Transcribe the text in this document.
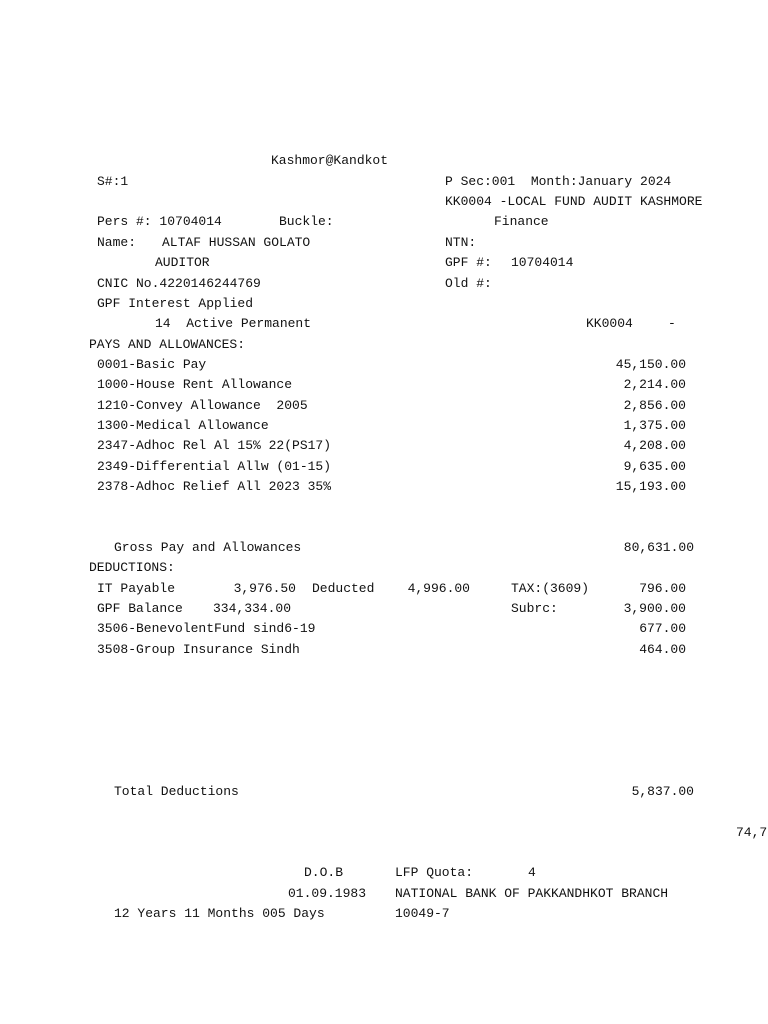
Kashmor@Kandkot
S#:1	P Sec:001  Month:January 2024
KK0004 -LOCAL FUND AUDIT KASHMORE
Finance
Pers #: 10704014	Buckle:
Name: ALTAF HUSSAN GOLATO	NTN:
AUDITOR	GPF #: 10704014
CNIC No.4220146244769	Old #:
GPF Interest Applied
14  Active Permanent	KK0004	-
PAYS AND ALLOWANCES:
0001-Basic Pay	45,150.00
1000-House Rent Allowance	2,214.00
1210-Convey Allowance  2005	2,856.00
1300-Medical Allowance	1,375.00
2347-Adhoc Rel Al 15% 22(PS17)	4,208.00
2349-Differential Allw (01-15)	9,635.00
2378-Adhoc Relief All 2023 35%	15,193.00
Gross Pay and Allowances	80,631.00
DEDUCTIONS:
IT Payable	3,976.50 Deducted	4,996.00	TAX:(3609)	796.00
GPF Balance 334,334.00	Subrc:	3,900.00
3506-BenevolentFund sind6-19	677.00
3508-Group Insurance Sindh	464.00
Total Deductions	5,837.00
74,7
D.O.B	LFP Quota:	4
01.09.1983 NATIONAL BANK OF PAKKANDHKOT BRANCH
12 Years 11 Months 005 Days	10049-7
